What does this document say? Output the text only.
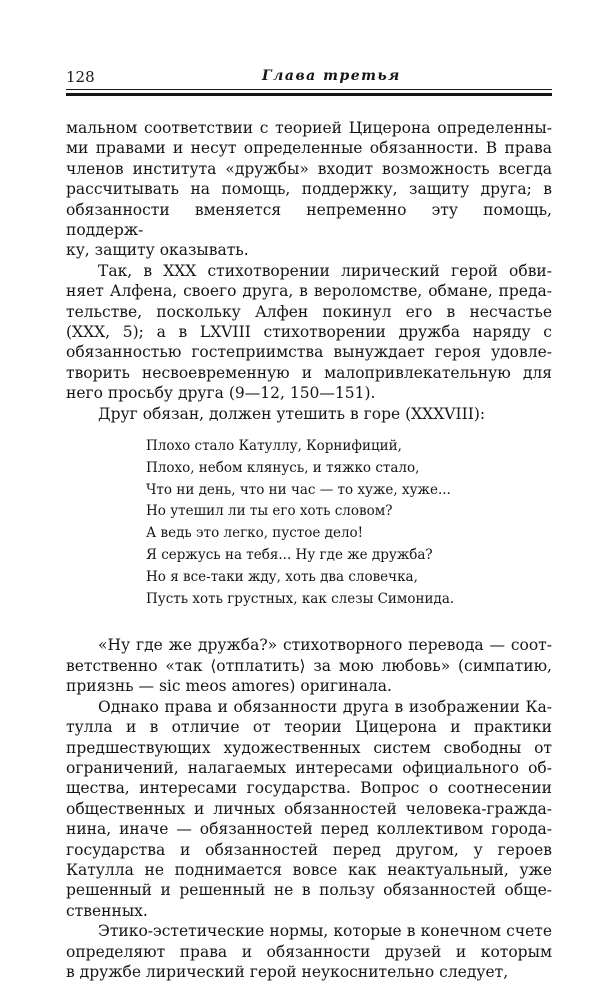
128	Глава третья

мальном соответствии с теорией Цицерона определенны-

ми правами и несут определенные обязанности. В права

членов института «дружбы» входит возможность всегда

рассчитывать на помощь, поддержку, защиту друга; в

обязанности вменяется непременно эту помощь, поддерж-

ку, защиту оказывать.

Так, в XXX стихотворении лирический герой обви-

няет Алфена, своего друга, в вероломстве, обмане, преда-

тельстве, поскольку Алфен покинул его в несчастье

(XXX, 5); а в LXVIII стихотворении дружба наряду с

обязанностью гостеприимства вынуждает героя удовле-

творить несвоевременную и малопривлекательную для

него просьбу друга (9—12, 150—151).

Друг обязан, должен утешить в горе (XXXVIII):

Плохо стало Катуллу, Корнифиций,
Плохо, небом клянусь, и тяжко стало,
Что ни день, что ни час — то хуже, хуже...
Но утешил ли ты его хоть словом?
А ведь это легко, пустое дело!
Я сержусь на тебя... Ну где же дружба?
Но я все-таки жду, хоть два словечка,
Пусть хоть грустных, как слезы Симонида.

«Ну где же дружба?» стихотворного перевода — соот-

ветственно «так ⟨отплатить⟩ за мою любовь» (симпатию,

приязнь — sic meos amores) оригинала.

Однако права и обязанности друга в изображении Ка-

тулла и в отличие от теории Цицерона и практики

предшествующих художественных систем свободны от

ограничений, налагаемых интересами официального об-

щества, интересами государства. Вопрос о соотнесении

общественных и личных обязанностей человека-граждa-

нина, иначе — обязанностей перед коллективом города-

государства и обязанностей перед другом, у героев

Катулла не поднимается вовсе как неактуальный, уже

решенный и решенный не в пользу обязанностей обще-

ственных.

Этико-эстетические нормы, которые в конечном счете

определяют права и обязанности друзей и которым

в дружбе лирический герой неукоснительно следует,
